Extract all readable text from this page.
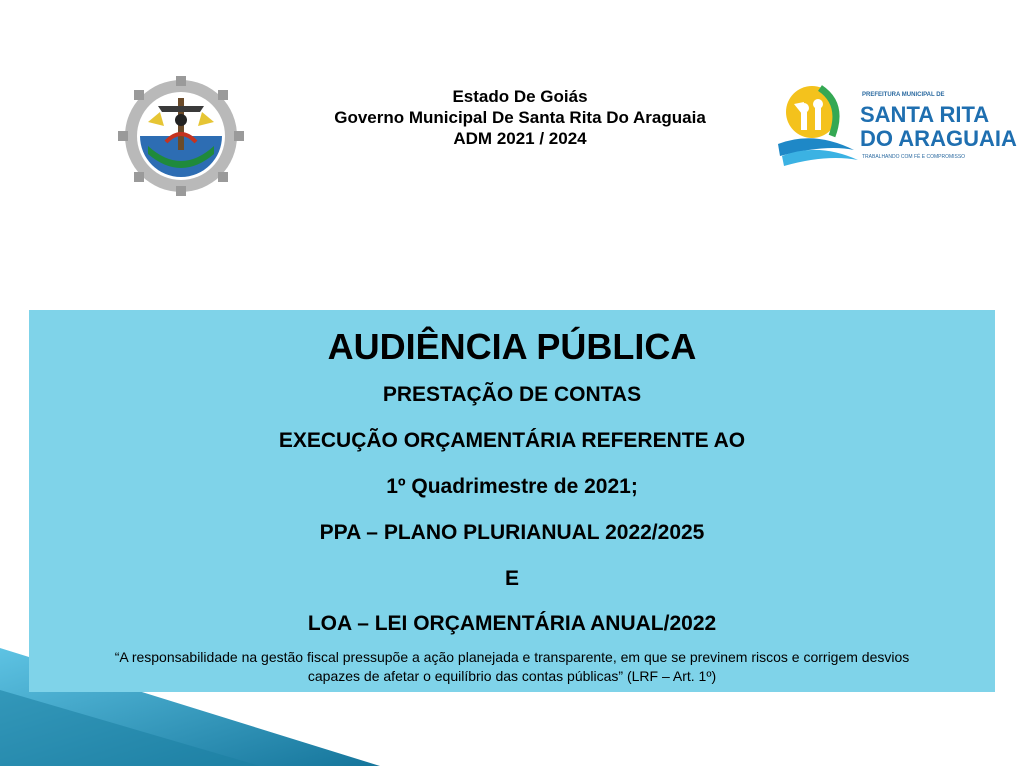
Estado De Goiás
Governo Municipal De Santa Rita Do Araguaia
ADM 2021 / 2024
PREFEITURA MUNICIPAL DE
SANTA RITA
DO ARAGUAIA
TRABALHANDO COM FÉ E COMPROMISSO
AUDIÊNCIA PÚBLICA
PRESTAÇÃO DE CONTAS
EXECUÇÃO ORÇAMENTÁRIA REFERENTE AO
1º Quadrimestre de 2021;
PPA – PLANO PLURIANUAL 2022/2025
E
LOA – LEI ORÇAMENTÁRIA ANUAL/2022
“A responsabilidade na gestão fiscal pressupõe a ação planejada e transparente, em que se previnem riscos e corrigem desvios
capazes de afetar o equilíbrio das contas públicas” (LRF – Art. 1º)
